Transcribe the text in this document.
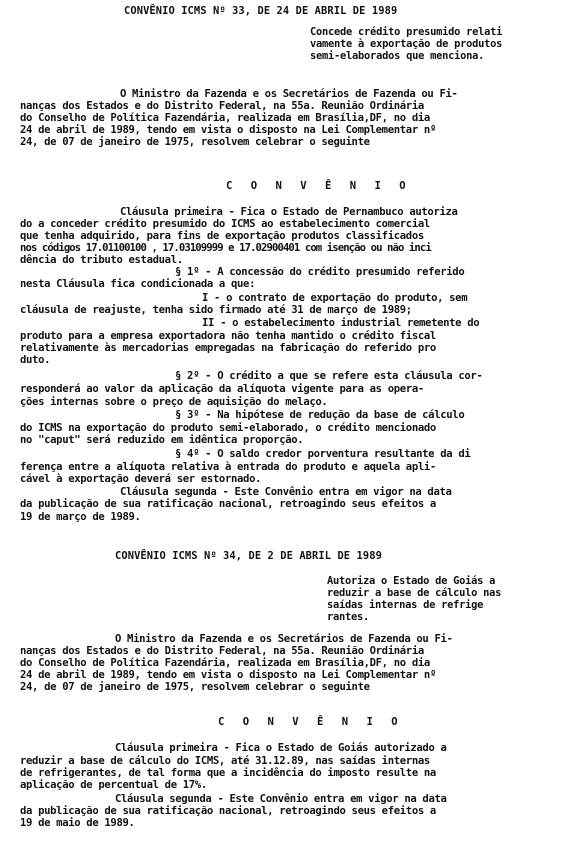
CONVÊNIO ICMS Nº 33, DE 24 DE ABRIL DE 1989
Concede crédito presumido relati
vamente à exportação de produtos
semi-elaborados que menciona.
O Ministro da Fazenda e os Secretários de Fazenda ou Fi-
nanças dos Estados e do Distrito Federal, na 55a. Reunião Ordinária
do Conselho de Política Fazendária, realizada em Brasília,DF, no dia
24 de abril de 1989, tendo em vista o disposto na Lei Complementar nº
24, de 07 de janeiro de 1975, resolvem celebrar o seguinte
C O N V Ê N I O
Cláusula primeira - Fica o Estado de Pernambuco autoriza
do a conceder crédito presumido do ICMS ao estabelecimento comercial
que tenha adquirido, para fins de exportação produtos classificados
nos códigos 17.01100100 , 17.03109999 e 17.02900401 com isenção ou não inci
dência do tributo estadual.
§ 1º - A concessão do crédito presumido referido
nesta Cláusula fica condicionada a que:
I - o contrato de exportação do produto, sem
cláusula de reajuste, tenha sido firmado até 31 de março de 1989;
II - o estabelecimento industrial remetente do
produto para a empresa exportadora não tenha mantido o crédito fiscal
relativamente às mercadorias empregadas na fabricação do referido pro
duto.
§ 2º - O crédito a que se refere esta cláusula cor-
responderá ao valor da aplicação da alíquota vigente para as opera-
ções internas sobre o preço de aquisição do melaço.
§ 3º - Na hipótese de redução da base de cálculo
do ICMS na exportação do produto semi-elaborado, o crédito mencionado
no "caput" será reduzido em idêntica proporção.
§ 4º - O saldo credor porventura resultante da di
ferença entre a alíquota relativa à entrada do produto e aquela apli-
cável à exportação deverá ser estornado.
Cláusula segunda - Este Convênio entra em vigor na data
da publicação de sua ratificação nacional, retroagindo seus efeitos a
19 de março de 1989.
CONVÊNIO ICMS Nº 34, DE 2 DE ABRIL DE 1989
Autoriza o Estado de Goiás a
reduzir a base de cálculo nas
saídas internas de refrige
rantes.
O Ministro da Fazenda e os Secretários de Fazenda ou Fi-
nanças dos Estados e do Distrito Federal, na 55a. Reunião Ordinária
do Conselho de Política Fazendária, realizada em Brasília,DF, no dia
24 de abril de 1989, tendo em vista o disposto na Lei Complementar nº
24, de 07 de janeiro de 1975, resolvem celebrar o seguinte
C O N V Ê N I O
Cláusula primeira - Fica o Estado de Goiás autorizado a
reduzir a base de cálculo do ICMS, até 31.12.89, nas saídas internas
de refrigerantes, de tal forma que a incidência do imposto resulte na
aplicação de percentual de 17%.
Cláusula segunda - Este Convênio entra em vigor na data
da publicação de sua ratificação nacional, retroagindo seus efeitos a
19 de maio de 1989.
